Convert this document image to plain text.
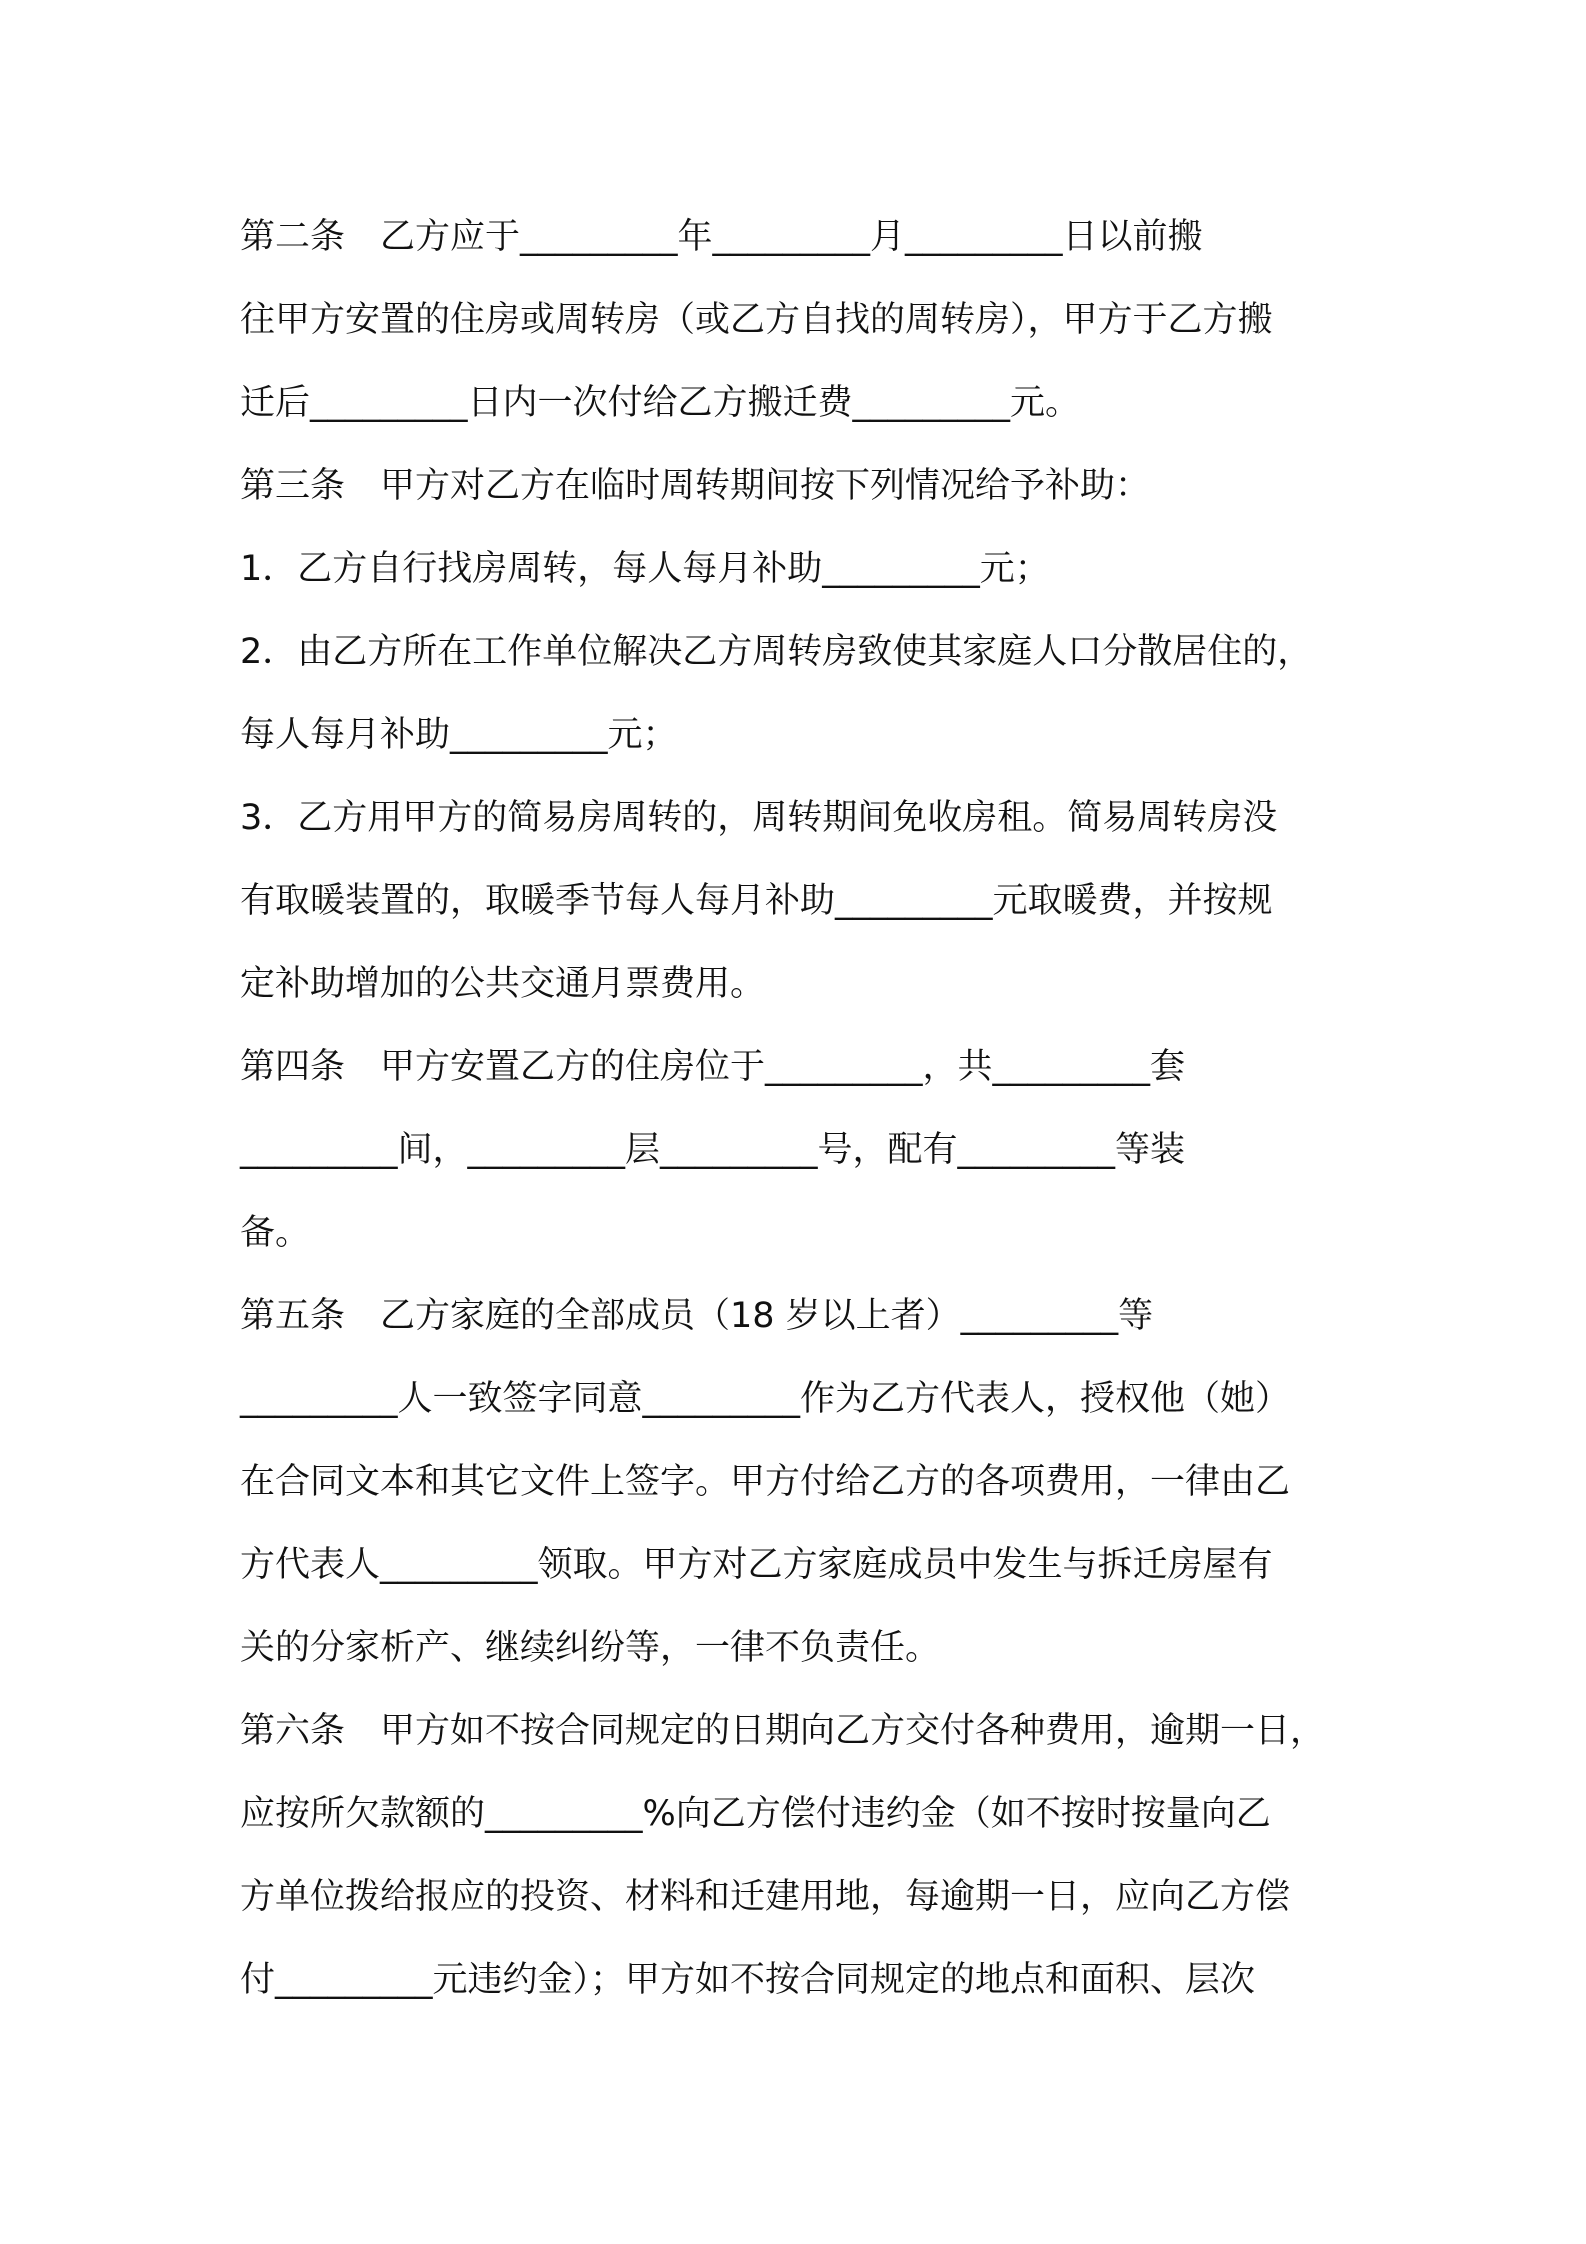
第二条　乙方应于_________年_________月_________日以前搬
往甲方安置的住房或周转房（或乙方自找的周转房），甲方于乙方搬
迁后_________日内一次付给乙方搬迁费_________元。
第三条　甲方对乙方在临时周转期间按下列情况给予补助：
1．乙方自行找房周转，每人每月补助_________元；
2．由乙方所在工作单位解决乙方周转房致使其家庭人口分散居住的，
每人每月补助_________元；
3．乙方用甲方的简易房周转的，周转期间免收房租。简易周转房没
有取暖装置的，取暖季节每人每月补助_________元取暖费，并按规
定补助增加的公共交通月票费用。
第四条　甲方安置乙方的住房位于_________，共_________套
_________间，_________层_________号，配有_________等装
备。
第五条　乙方家庭的全部成员（18 岁以上者）_________等
_________人一致签字同意_________作为乙方代表人，授权他（她）
在合同文本和其它文件上签字。甲方付给乙方的各项费用，一律由乙
方代表人_________领取。甲方对乙方家庭成员中发生与拆迁房屋有
关的分家析产、继续纠纷等，一律不负责任。
第六条　甲方如不按合同规定的日期向乙方交付各种费用，逾期一日，
应按所欠款额的_________%向乙方偿付违约金（如不按时按量向乙
方单位拨给报应的投资、材料和迁建用地，每逾期一日，应向乙方偿
付_________元违约金）；甲方如不按合同规定的地点和面积、层次
